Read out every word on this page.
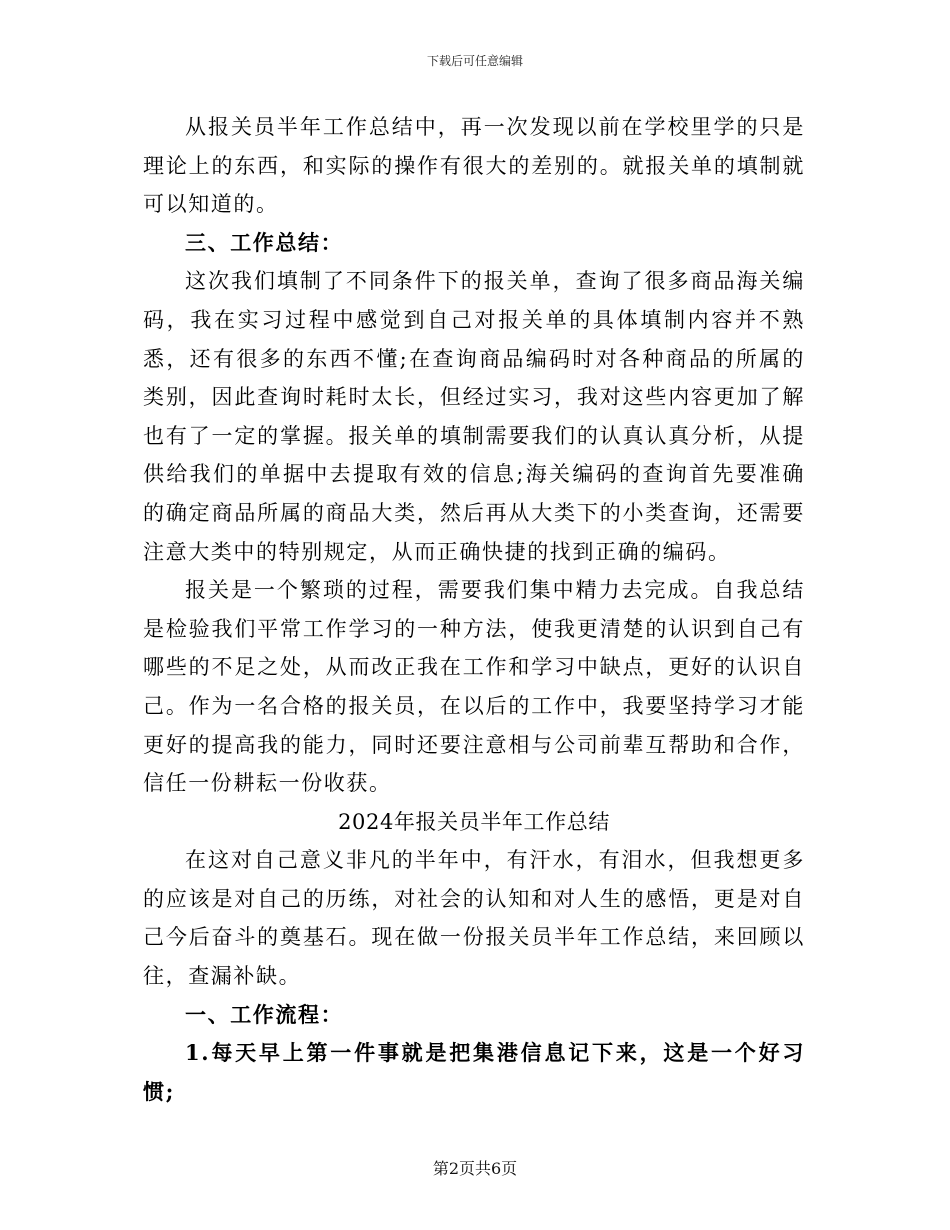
下载后可任意编辑

从报关员半年工作总结中，再一次发现以前在学校里学的只是理论上的东西，和实际的操作有很大的差别的。就报关单的填制就可以知道的。

三、工作总结：

这次我们填制了不同条件下的报关单，查询了很多商品海关编码，我在实习过程中感觉到自己对报关单的具体填制内容并不熟悉，还有很多的东西不懂;在查询商品编码时对各种商品的所属的类别，因此查询时耗时太长，但经过实习，我对这些内容更加了解也有了一定的掌握。报关单的填制需要我们的认真认真分析，从提供给我们的单据中去提取有效的信息;海关编码的查询首先要准确的确定商品所属的商品大类，然后再从大类下的小类查询，还需要注意大类中的特别规定，从而正确快捷的找到正确的编码。

报关是一个繁琐的过程，需要我们集中精力去完成。自我总结是检验我们平常工作学习的一种方法，使我更清楚的认识到自己有哪些的不足之处，从而改正我在工作和学习中缺点，更好的认识自己。作为一名合格的报关员，在以后的工作中，我要坚持学习才能更好的提高我的能力，同时还要注意相与公司前辈互帮助和合作，信任一份耕耘一份收获。

2024年报关员半年工作总结

在这对自己意义非凡的半年中，有汗水，有泪水，但我想更多的应该是对自己的历练，对社会的认知和对人生的感悟，更是对自己今后奋斗的奠基石。现在做一份报关员半年工作总结，来回顾以往，查漏补缺。

一、工作流程：

1.每天早上第一件事就是把集港信息记下来，这是一个好习惯;

第2页共6页
